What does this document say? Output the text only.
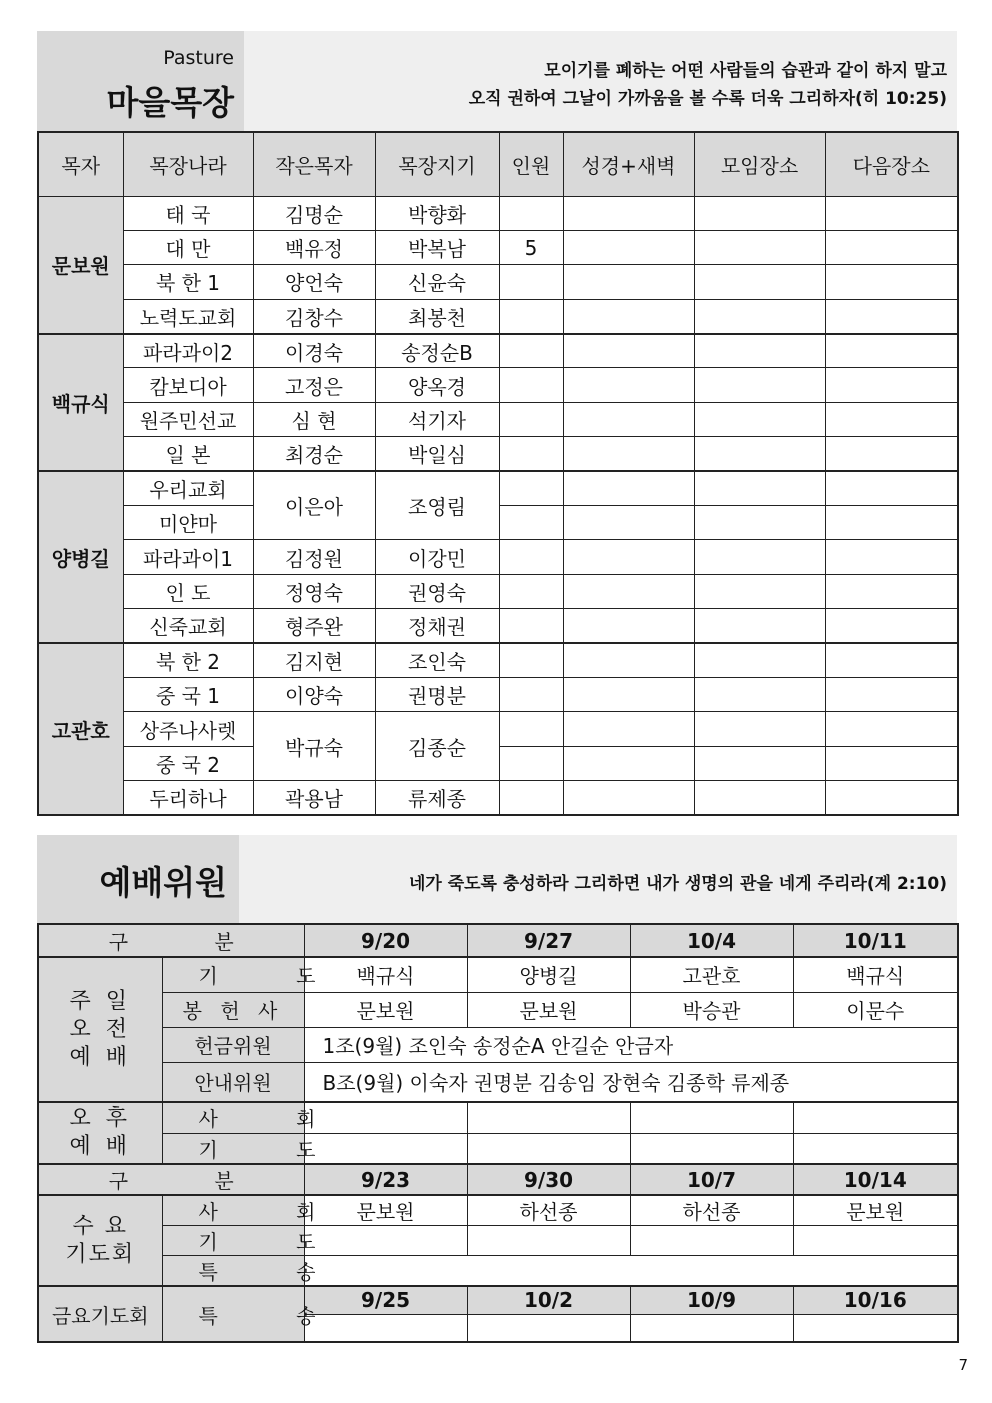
Pasture
마을목장
모이기를 폐하는 어떤 사람들의 습관과 같이 하지 말고
오직 권하여 그날이 가까움을 볼 수록 더욱 그리하자(히 10:25)
목자	목장나라	작은목자	목장지기	인원	성경+새벽	모임장소	다음장소
문보원	태 국	김명순	박향화				
	대 만	백유정	박복남	5			
	북 한 1	양언숙	신윤숙				
	노력도교회	김창수	최봉천				
백규식	파라과이2	이경숙	송정순B				
	캄보디아	고정은	양옥경				
	원주민선교	심 현	석기자				
	일 본	최경순	박일심				
양병길	우리교회	이은아	조영림				
	미얀마						
	파라과이1	김정원	이강민				
	인 도	정영숙	권영숙				
	신죽교회	형주완	정채권				
고관호	북 한 2	김지현	조인숙				
	중 국 1	이양숙	권명분				
	상주나사렛	박규숙	김종순				
	중 국 2						
	두리하나	곽용남	류제종				
예배위원	네가 죽도록 충성하라 그리하면 내가 생명의 관을 네게 주리라(계 2:10)
구 분		9/20	9/27	10/4	10/11
주 일
오 전
예 배	기 도	백규식	양병길	고관호	백규식
	봉 헌 사	문보원	문보원	박승관	이문수
	헌금위원	1조(9월) 조인숙 송정순A 안길순 안금자			
	안내위원	B조(9월) 이숙자 권명분 김송임 장현숙 김종학 류제종			
오 후
예 배	사 회				
	기 도				
구 분		9/23	9/30	10/7	10/14
수 요
기도회	사 회	문보원	하선종	하선종	문보원
	기 도				
	특 송				
금요기도회	특 송	9/25	10/2	10/9	10/16

7
